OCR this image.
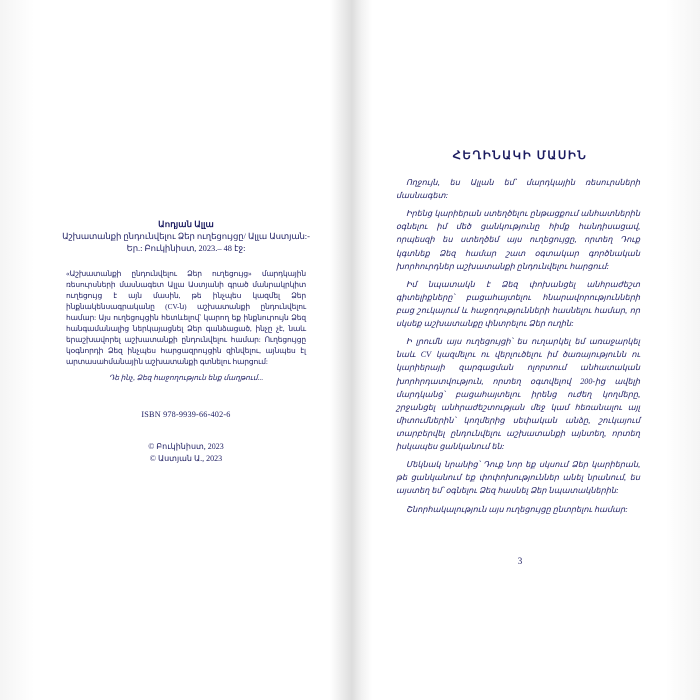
Աոդյան Ալլա
Աշխատանքի ընդունվելու Ձեր ուղեցույցը/ Ալլա Աստյան:- Եր.: Բուկինիստ, 2023.– 48 էջ:
«Աշխատանքի ընդունվելու Ձեր ուղեցույց» մարդկային ռեսուրսների մասնագետ Ալլա Աստյանի գրած մանրակրկիտ ուղեցույց է այն մասին, թե ինչպես կազմել Ձեր ինքնակենսագրականը (CV-ն) աշխատանքի ընդունվելու համար: Այս ուղեցույցին հետևելով՝ կարող եք ինքնուրույն Ձեզ հանգամանալից ներկայացնել Ձեր գանձացած, ինչը չէ, նաև երաշխավորել աշխատանքի ընդունվելու համար: Ուղեցույցը կօգնորդի Ձեզ ինչպես հարցազրույցին զինվելու, այնպես էլ արտասահմանային աշխատանքի գտնելու հարցում:
Դե ինչ, Ձեզ հաջողություն ենք մաղթում...
ISBN 978-9939-66-402-6
© Բուկինիստ, 2023
© Աստյան Ա., 2023
ՀԵՂԻՆԱԿԻ ՄԱՍԻՆ

Ողջույն, ես Ալլան եմ՝ մարդկային ռեսուրսների մասնագետ:

Իրենց կարիերան ստեղծելու ընթացքում անհատներին օգնելու իմ մեծ ցանկությունը հիմք հանդիսացավ, որպեսզի ես ստեղծեմ այս ուղեցույցը, որտեղ Դուք կգտնեք Ձեզ համար շատ օգտակար գործնական խորհուրդներ աշխատանքի ընդունվելու հարցում:

Իմ նպատակն է Ձեզ փոխանցել անհրաժեշտ գիտելիքները՝ բացահայտելու հնարավորությունների բաց շուկայում և հաջողությունների հասնելու համար, որ սկսեք աշխատանքը փնտրելու Ձեր ուղին:

Ի լրումն այս ուղեցույցի՝ ես ուղարկել եմ առաջարկել նաև CV կազմելու ու վերլուծելու իմ ծառայությունն ու կարիերայի զարգացման ոլորտում անհատական խորհրդատվություն, որտեղ օգտվելով 200-ից ավելի մարդկանց՝ բացահայտելու իրենց ուժեղ կողմերը, շրջանցել անհրաժեշտության մեջ կամ հեռանալու այլ միտումներին՝ կողմերից սեփական անձը, շուկայում տարբերվել ընդունվելու աշխատանքի այնտեղ, որտեղ իսկապես ցանկանում են:

Մեկնակ նրանից՝ Դուք նոր եք սկսում Ձեր կարիերան, թե ցանկանում եք փոփոխություններ անել նրանում, ես այստեղ եմ՝ օգնելու Ձեզ հասնել Ձեր նպատակներին:

Շնորհակալություն այս ուղեցույցը ընտրելու համար:

3
